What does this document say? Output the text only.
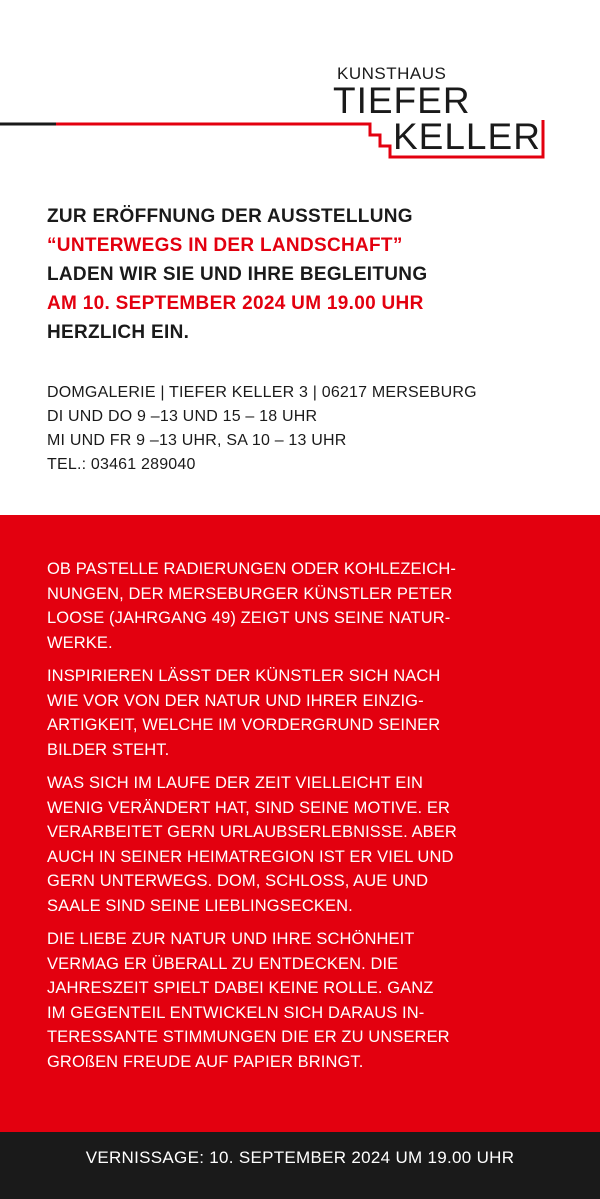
KUNSTHAUS
TIEFER
KELLER
ZUR ERÖFFNUNG DER AUSSTELLUNG
“UNTERWEGS IN DER LANDSCHAFT”
LADEN WIR SIE UND IHRE BEGLEITUNG
AM 10. SEPTEMBER 2024 UM 19.00 UHR
HERZLICH EIN.
DOMGALERIE | TIEFER KELLER 3 | 06217 MERSEBURG
DI UND DO 9 –13 UND 15 – 18 UHR
MI UND FR 9 –13 UHR, SA 10 – 13 UHR
TEL.: 03461 289040

OB PASTELLE RADIERUNGEN ODER KOHLEZEICH-
NUNGEN, DER MERSEBURGER KÜNSTLER PETER
LOOSE (JAHRGANG 49) ZEIGT UNS SEINE NATUR-
WERKE.

INSPIRIEREN LÄSST DER KÜNSTLER SICH NACH
WIE VOR VON DER NATUR UND IHRER EINZIG-
ARTIGKEIT, WELCHE IM VORDERGRUND SEINER
BILDER STEHT.

WAS SICH IM LAUFE DER ZEIT VIELLEICHT EIN
WENIG VERÄNDERT HAT, SIND SEINE MOTIVE. ER
VERARBEITET GERN URLAUBSERLEBNISSE. ABER
AUCH IN SEINER HEIMATREGION IST ER VIEL UND
GERN UNTERWEGS. DOM, SCHLOSS, AUE UND
SAALE SIND SEINE LIEBLINGSECKEN.

DIE LIEBE ZUR NATUR UND IHRE SCHÖNHEIT
VERMAG ER ÜBERALL ZU ENTDECKEN. DIE
JAHRESZEIT SPIELT DABEI KEINE ROLLE. GANZ
IM GEGENTEIL ENTWICKELN SICH DARAUS IN-
TERESSANTE STIMMUNGEN DIE ER ZU UNSERER
GROßEN FREUDE AUF PAPIER BRINGT.

VERNISSAGE: 10. SEPTEMBER 2024 UM 19.00 UHR
